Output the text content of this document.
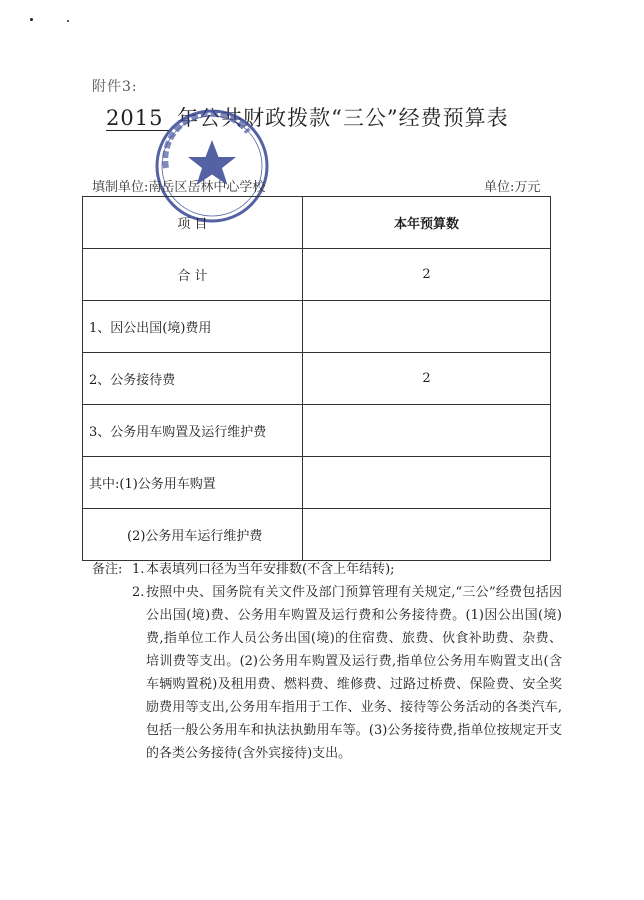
附件3:
2015 年公共财政拨款“三公”经费预算表
填制单位:南岳区岳林中心学校	单位:万元
项 目	本年预算数
合 计	2
1、因公出国(境)费用	
2、公务接待费	2
3、公务用车购置及运行维护费	
其中:(1)公务用车购置	
(2)公务用车运行维护费	
备注: 1. 本表填列口径为当年安排数(不含上年结转);
2. 按照中央、国务院有关文件及部门预算管理有关规定,“三公”经费包括因公出国(境)费、公务用车购置及运行费和公务接待费。(1)因公出国(境)费,指单位工作人员公务出国(境)的住宿费、旅费、伙食补助费、杂费、培训费等支出。(2)公务用车购置及运行费,指单位公务用车购置支出(含车辆购置税)及租用费、燃料费、维修费、过路过桥费、保险费、安全奖励费用等支出,公务用车指用于工作、业务、接待等公务活动的各类汽车,包括一般公务用车和执法执勤用车等。(3)公务接待费,指单位按规定开支的各类公务接待(含外宾接待)支出。
